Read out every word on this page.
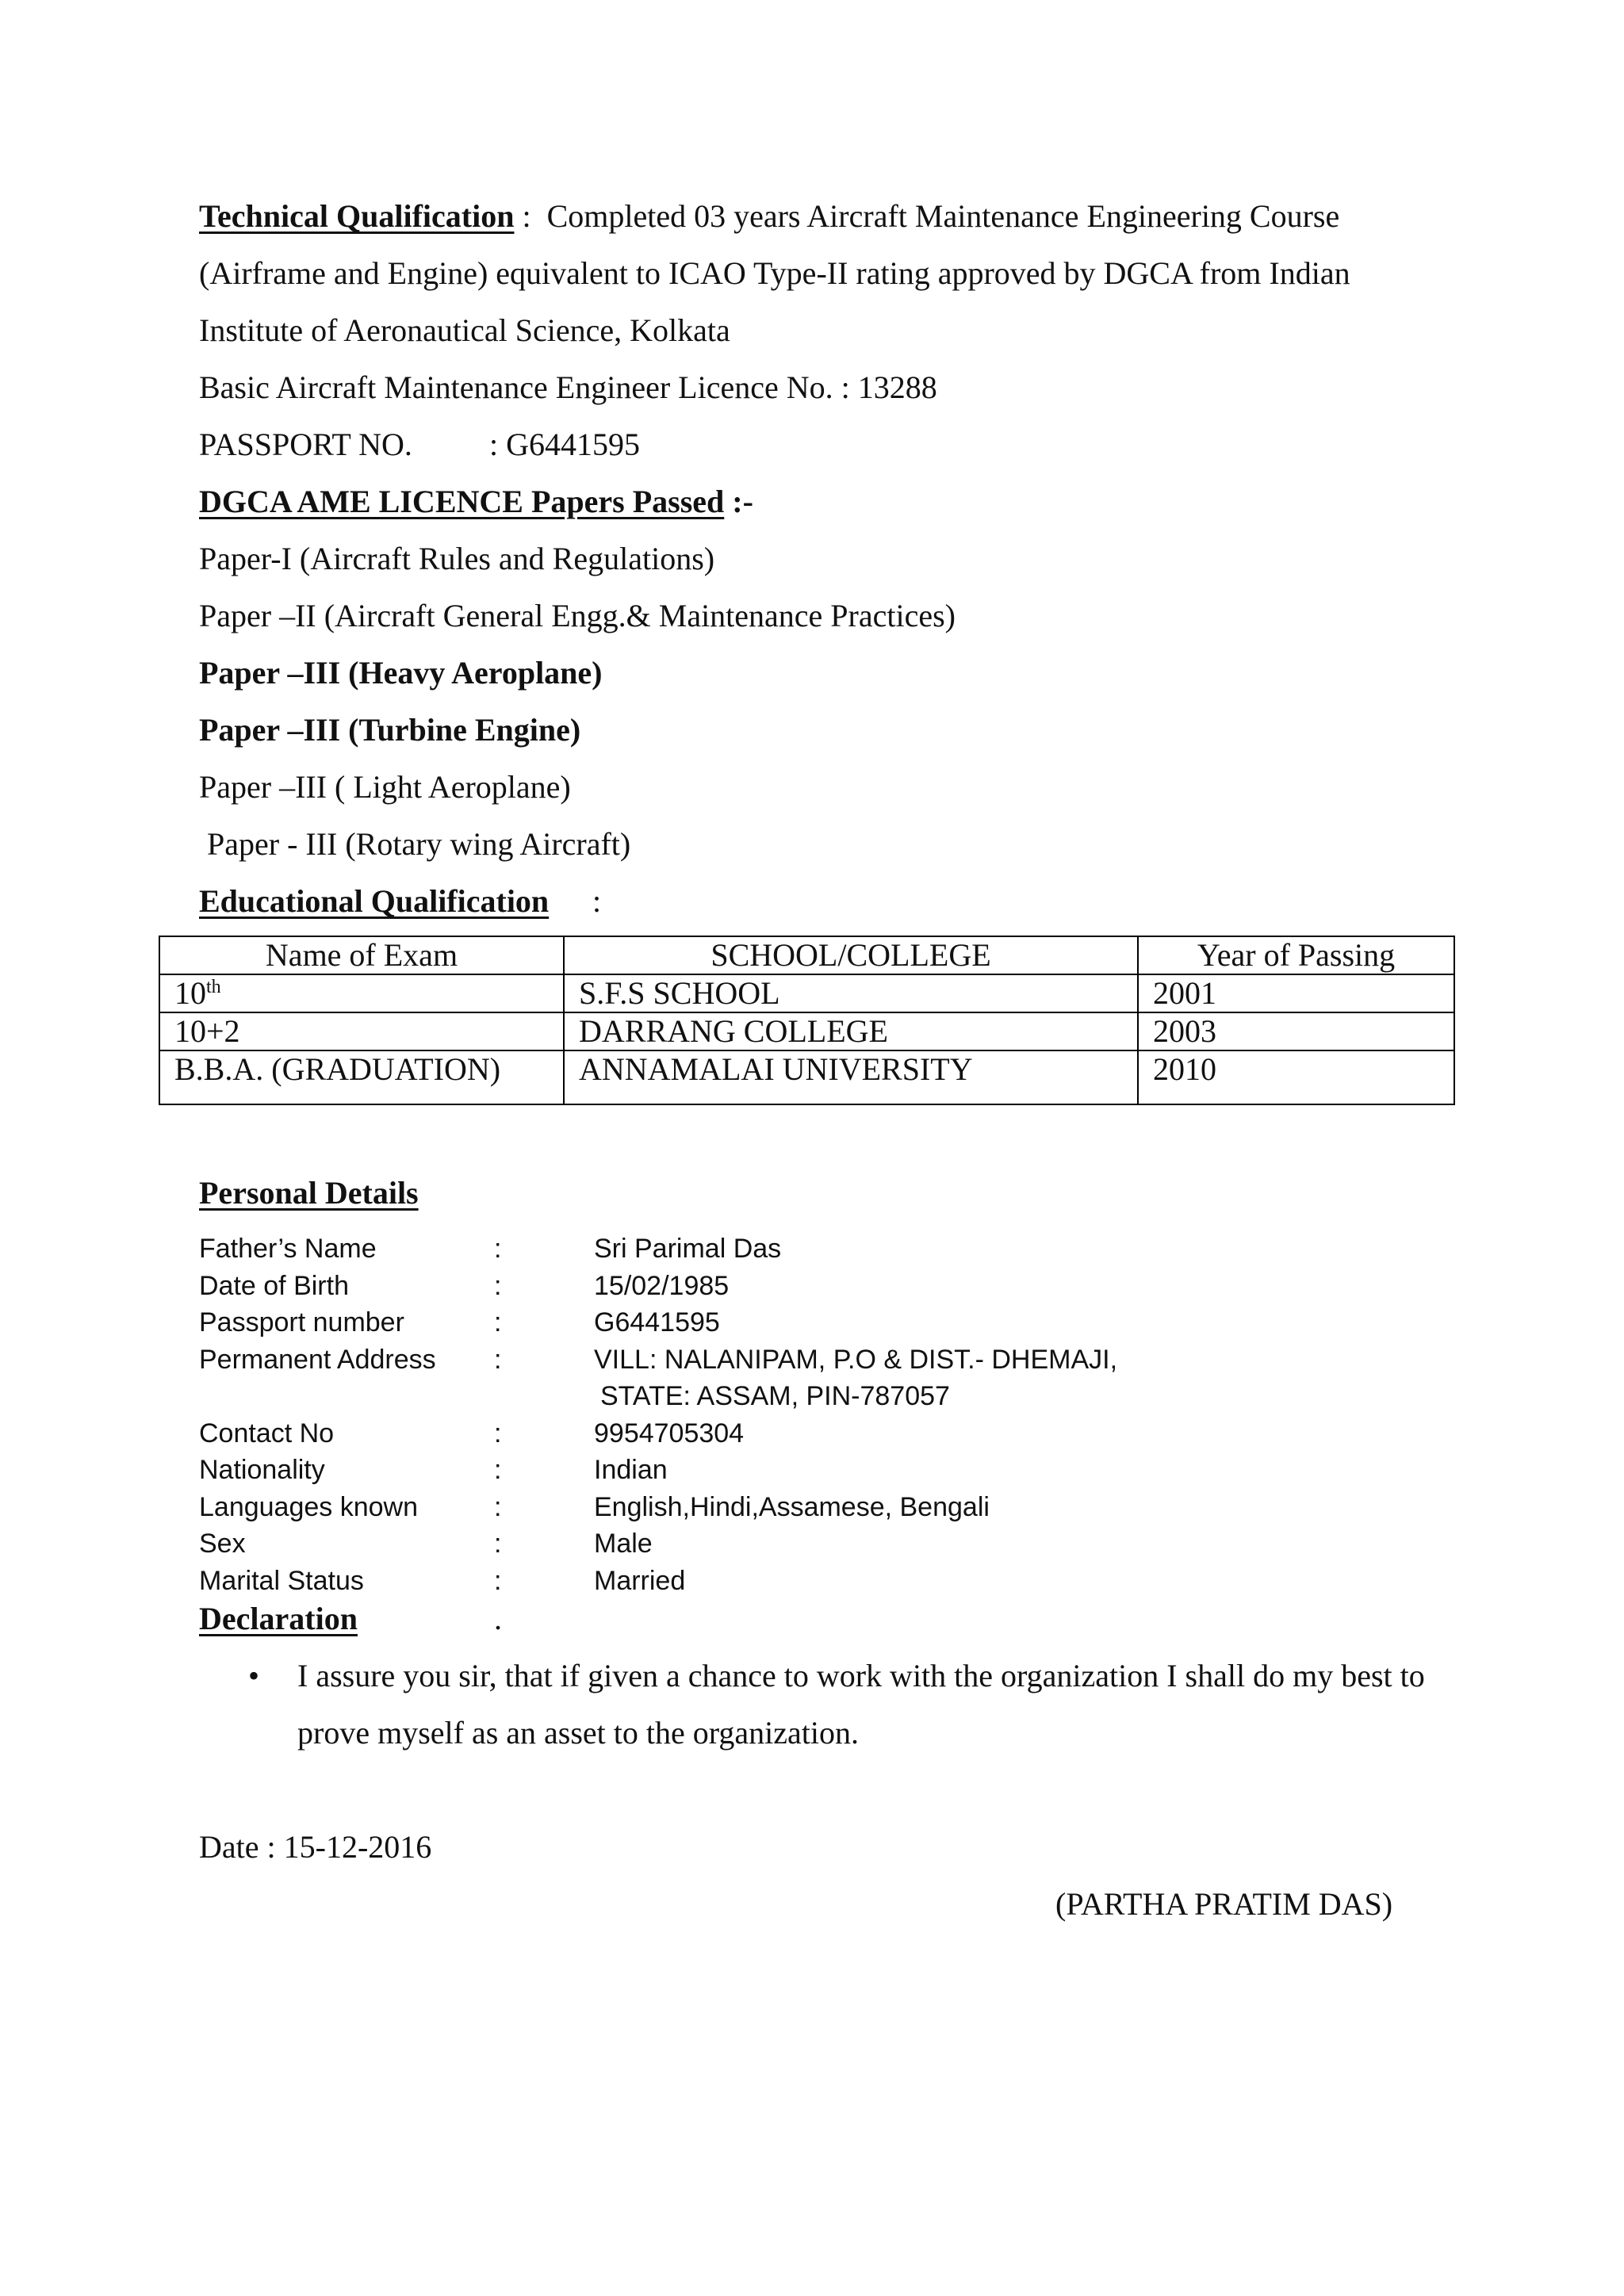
Technical Qualification :  Completed 03 years Aircraft Maintenance Engineering Course
(Airframe and Engine) equivalent to ICAO Type-II rating approved by DGCA from Indian
Institute of Aeronautical Science, Kolkata
Basic Aircraft Maintenance Engineer Licence No. : 13288
PASSPORT NO. : G6441595
DGCA AME LICENCE Papers Passed :-
Paper-I (Aircraft Rules and Regulations)
Paper –II (Aircraft General Engg.& Maintenance Practices)
Paper –III (Heavy Aeroplane)
Paper –III (Turbine Engine)
Paper –III ( Light Aeroplane)
Paper - III (Rotary wing Aircraft)
Educational Qualification :
Name of Exam	SCHOOL/COLLEGE	Year of Passing
10th	S.F.S SCHOOL	2001
10+2	DARRANG COLLEGE	2003
B.B.A. (GRADUATION)	ANNAMALAI UNIVERSITY	2010
Personal Details
Father’s Name	:	Sri Parimal Das
Date of Birth	:	15/02/1985
Passport number	:	G6441595
Permanent Address :	VILL: NALANIPAM, P.O & DIST.- DHEMAJI,
STATE: ASSAM, PIN-787057
Contact No	:	9954705304
Nationality	:	Indian
Languages known	:	English,Hindi,Assamese, Bengali
Sex	:	Male
Marital Status	:	Married
Declaration	.
• I assure you sir, that if given a chance to work with the organization I shall do my best to prove myself as an asset to the organization.
Date : 15-12-2016
(PARTHA PRATIM DAS)
